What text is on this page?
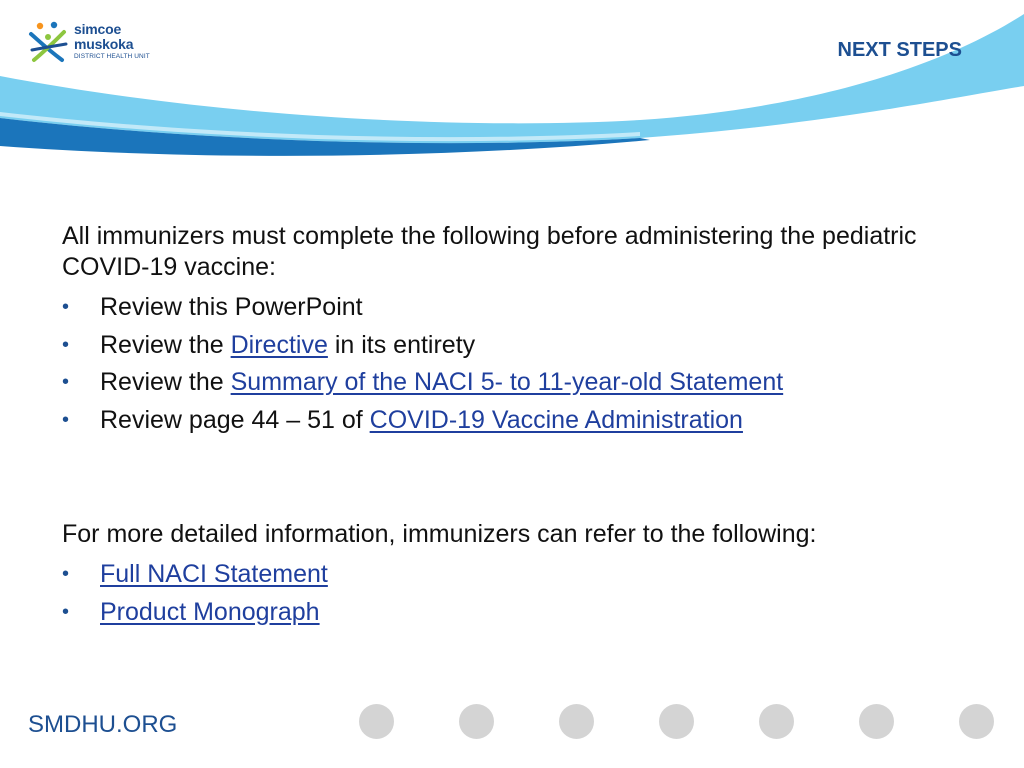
simcoe
muskoka
DISTRICT HEALTH UNIT	NEXT STEPS

All immunizers must complete the following before administering the pediatric COVID-19 vaccine:

• Review this PowerPoint
• Review the Directive in its entirety
• Review the Summary of the NACI 5- to 11-year-old Statement
• Review page 44 – 51 of COVID-19 Vaccine Administration

For more detailed information, immunizers can refer to the following:

• Full NACI Statement
• Product Monograph
SMDHU.ORG
